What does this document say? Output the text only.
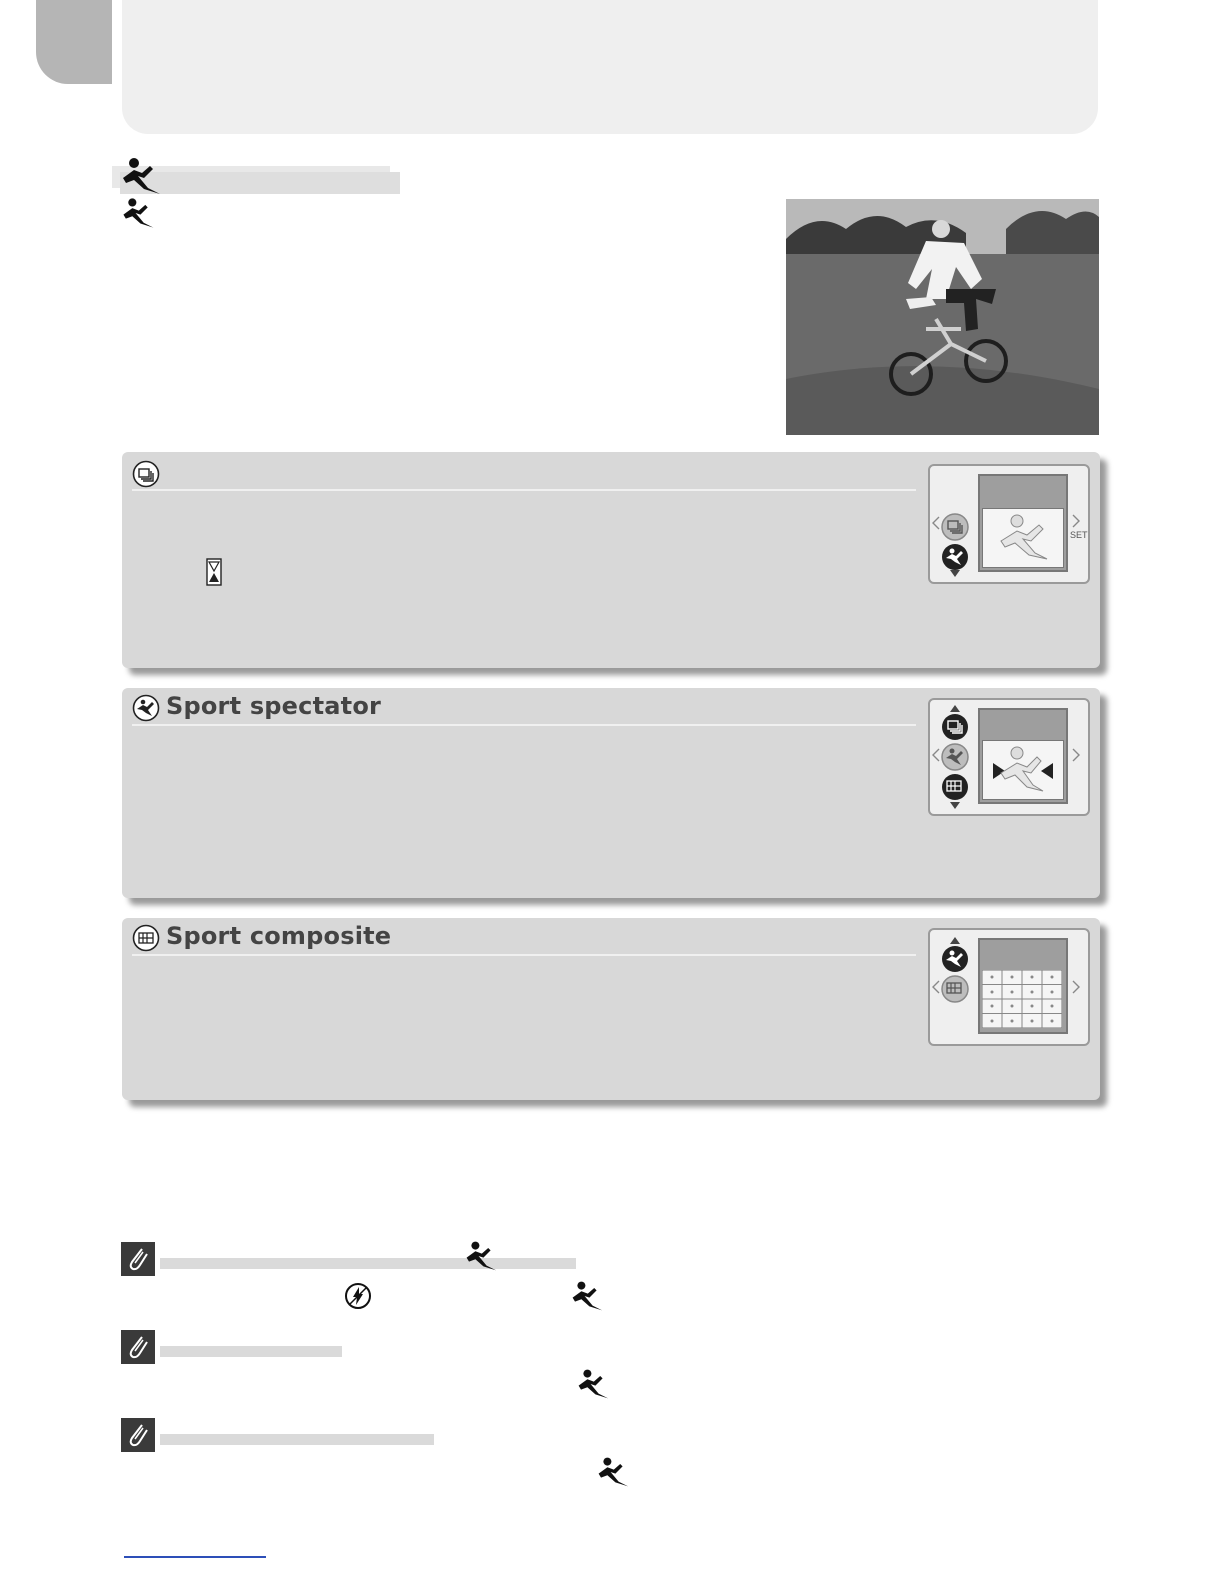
SET
Sport spectator
Sport composite
